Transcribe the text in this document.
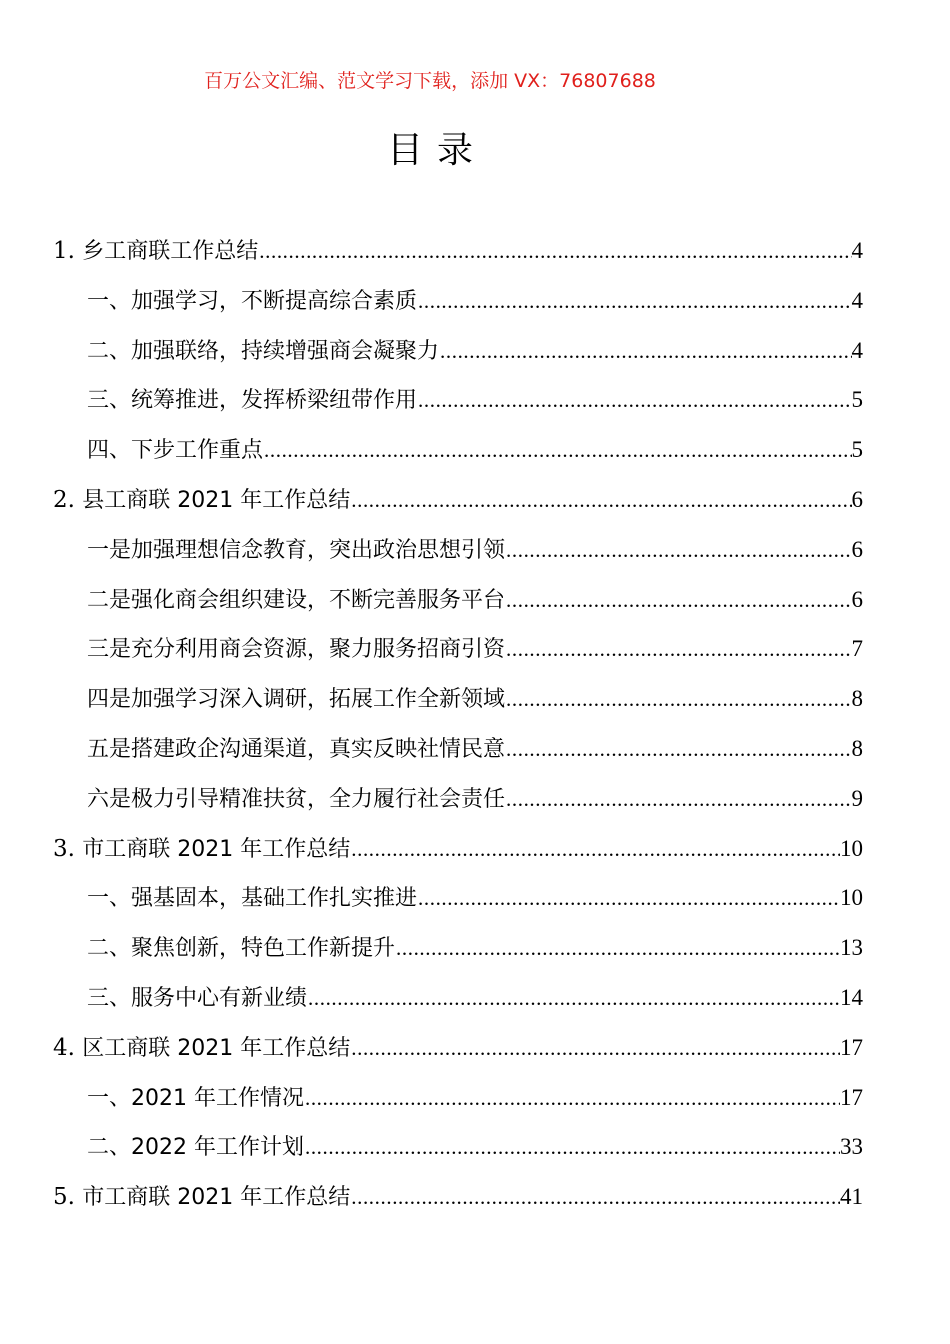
百万公文汇编、范文学习下载，添加 VX：76807688
目录
1. 乡工商联工作总结 .....	4
一、加强学习，不断提高综合素质 .....	4
二、加强联络，持续增强商会凝聚力 .....	4
三、统筹推进，发挥桥梁纽带作用 .....	5
四、下步工作重点 .....	5
2. 县工商联 2021 年工作总结 .....	6
一是加强理想信念教育，突出政治思想引领 .....	6
二是强化商会组织建设，不断完善服务平台 .....	6
三是充分利用商会资源，聚力服务招商引资 .....	7
四是加强学习深入调研，拓展工作全新领域 .....	8
五是搭建政企沟通渠道，真实反映社情民意 .....	8
六是极力引导精准扶贫，全力履行社会责任 .....	9
3. 市工商联 2021 年工作总结 .....	10
一、强基固本，基础工作扎实推进 .....	10
二、聚焦创新，特色工作新提升 .....	13
三、服务中心有新业绩 .....	14
4. 区工商联 2021 年工作总结 .....	17
一、2021 年工作情况 .....	17
二、2022 年工作计划 .....	33
5. 市工商联 2021 年工作总结 .....	41
